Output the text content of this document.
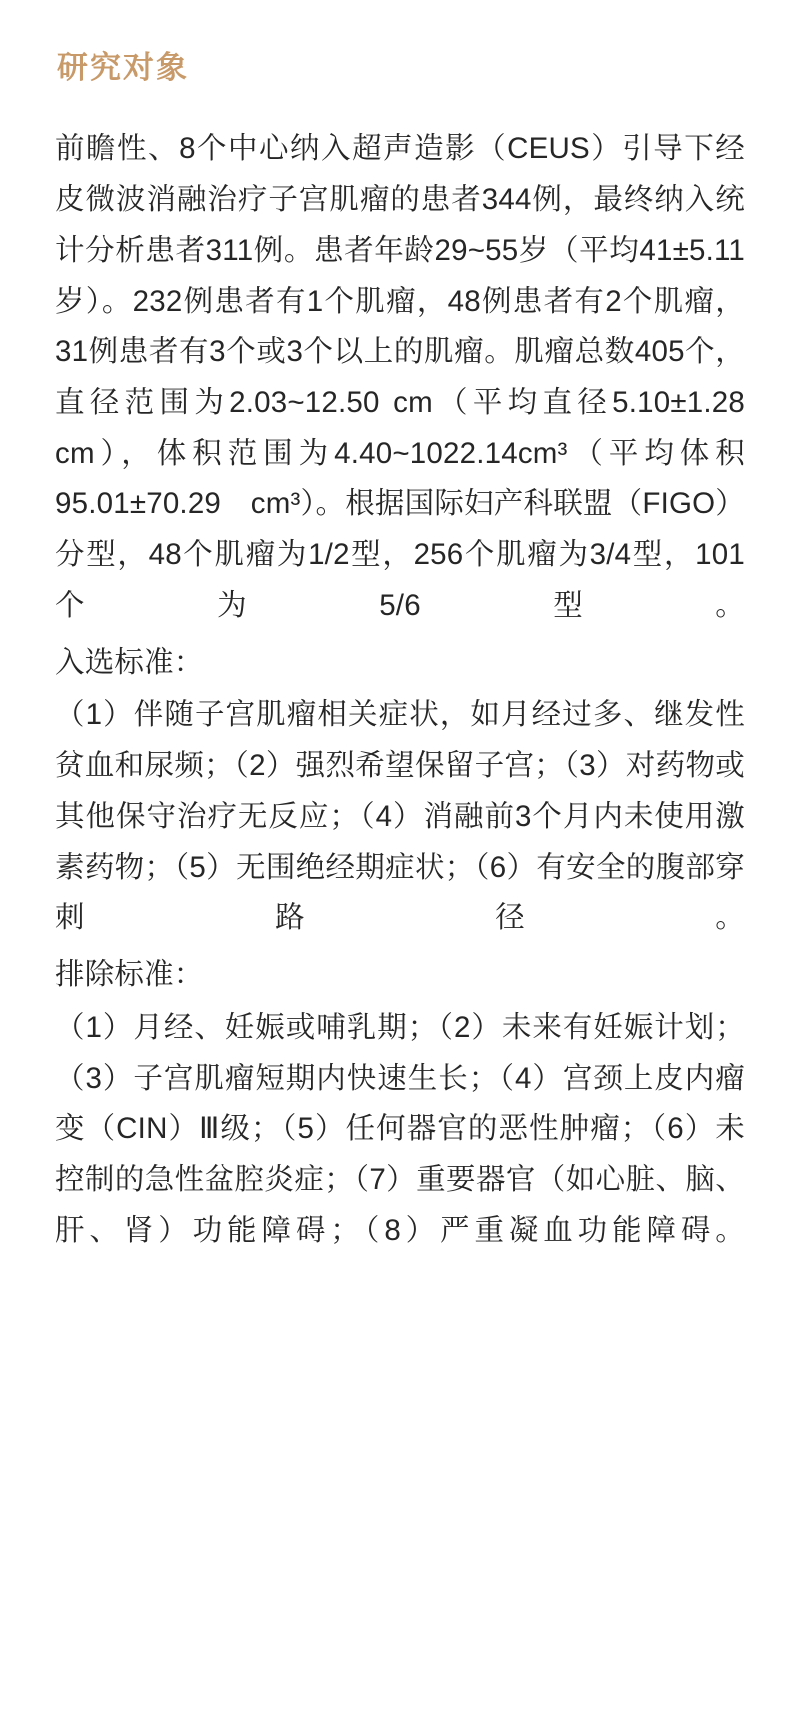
研究对象

前瞻性、8个中心纳入超声造影（CEUS）引导下经皮微波消融治疗子宫肌瘤的患者344例，最终纳入统计分析患者311例。患者年龄29~55岁（平均41±5.11岁）。232例患者有1个肌瘤，48例患者有2个肌瘤，31例患者有3个或3个以上的肌瘤。肌瘤总数405个，直径范围为2.03~12.50 cm（平均直径5.10±1.28 cm），体积范围为4.40~1022.14cm³（平均体积95.01±70.29　cm³）。根据国际妇产科联盟（FIGO）分型，48个肌瘤为1/2型，256个肌瘤为3/4型，101个为5/6型。

入选标准：

（1）伴随子宫肌瘤相关症状，如月经过多、继发性贫血和尿频；（2）强烈希望保留子宫；（3）对药物或其他保守治疗无反应；（4）消融前3个月内未使用激素药物；（5）无围绝经期症状；（6）有安全的腹部穿刺路径。

排除标准：

（1）月经、妊娠或哺乳期；（2）未来有妊娠计划；（3）子宫肌瘤短期内快速生长；（4）宫颈上皮内瘤变（CIN）Ⅲ级；（5）任何器官的恶性肿瘤；（6）未控制的急性盆腔炎症；（7）重要器官（如心脏、脑、肝、肾）功能障碍；（8）严重凝血功能障碍。
